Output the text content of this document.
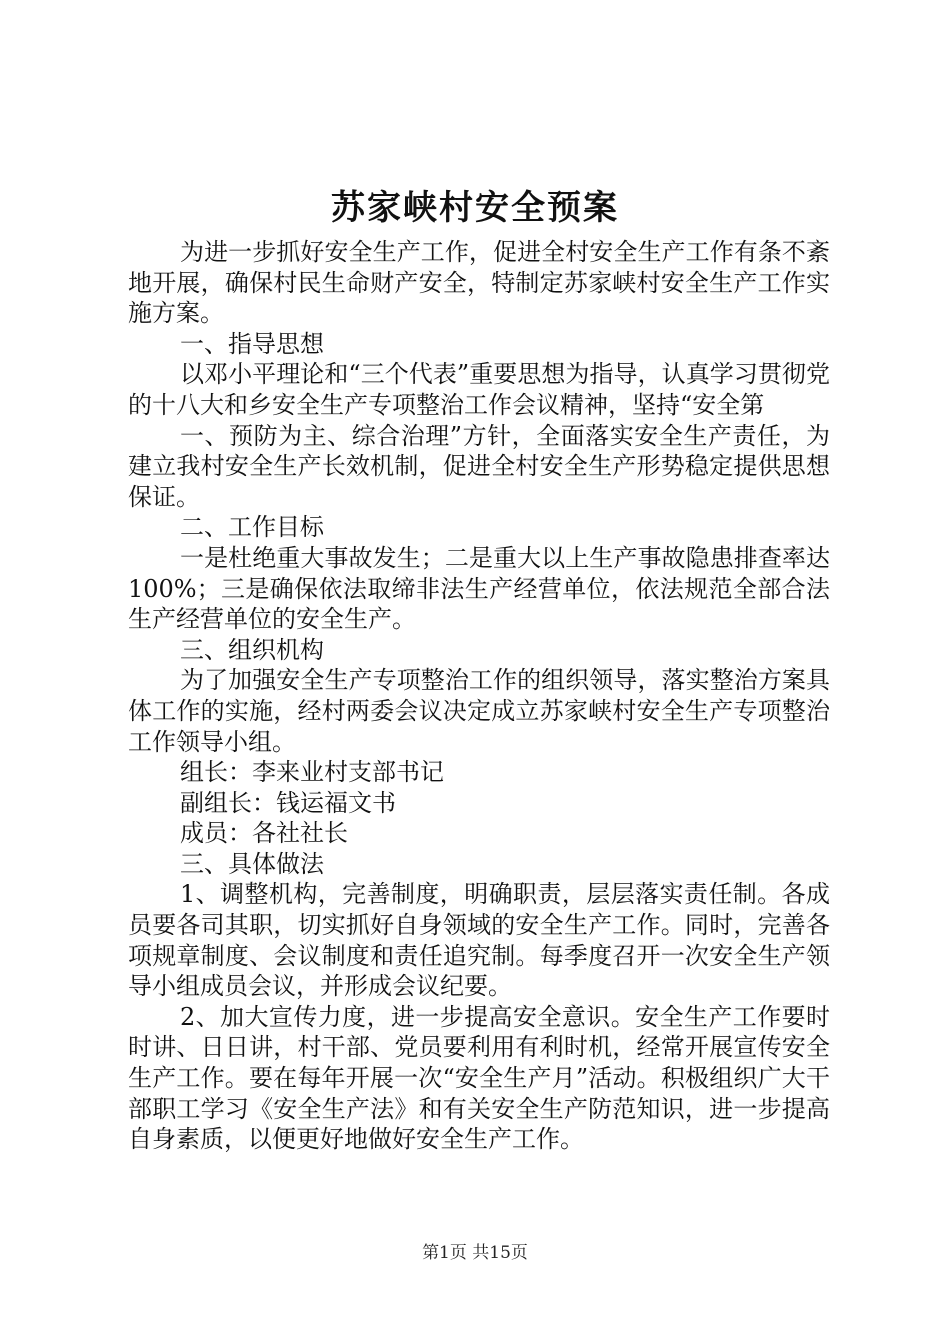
苏家峡村安全预案

为进一步抓好安全生产工作，促进全村安全生产工作有条不紊地开展，确保村民生命财产安全，特制定苏家峡村安全生产工作实施方案。

一、指导思想

以邓小平理论和“三个代表”重要思想为指导，认真学习贯彻党的十八大和乡安全生产专项整治工作会议精神，坚持“安全第

一、预防为主、综合治理”方针，全面落实安全生产责任，为建立我村安全生产长效机制，促进全村安全生产形势稳定提供思想保证。

二、工作目标

一是杜绝重大事故发生；二是重大以上生产事故隐患排查率达100%；三是确保依法取缔非法生产经营单位，依法规范全部合法生产经营单位的安全生产。

三、组织机构

为了加强安全生产专项整治工作的组织领导，落实整治方案具体工作的实施，经村两委会议决定成立苏家峡村安全生产专项整治工作领导小组。

组长：李来业村支部书记

副组长：钱运福文书

成员：各社社长

三、具体做法

1、调整机构，完善制度，明确职责，层层落实责任制。各成员要各司其职，切实抓好自身领域的安全生产工作。同时，完善各项规章制度、会议制度和责任追究制。每季度召开一次安全生产领导小组成员会议，并形成会议纪要。

2、加大宣传力度，进一步提高安全意识。安全生产工作要时时讲、日日讲，村干部、党员要利用有利时机，经常开展宣传安全生产工作。要在每年开展一次“安全生产月”活动。积极组织广大干部职工学习《安全生产法》和有关安全生产防范知识，进一步提高自身素质，以便更好地做好安全生产工作。

第1页 共15页
